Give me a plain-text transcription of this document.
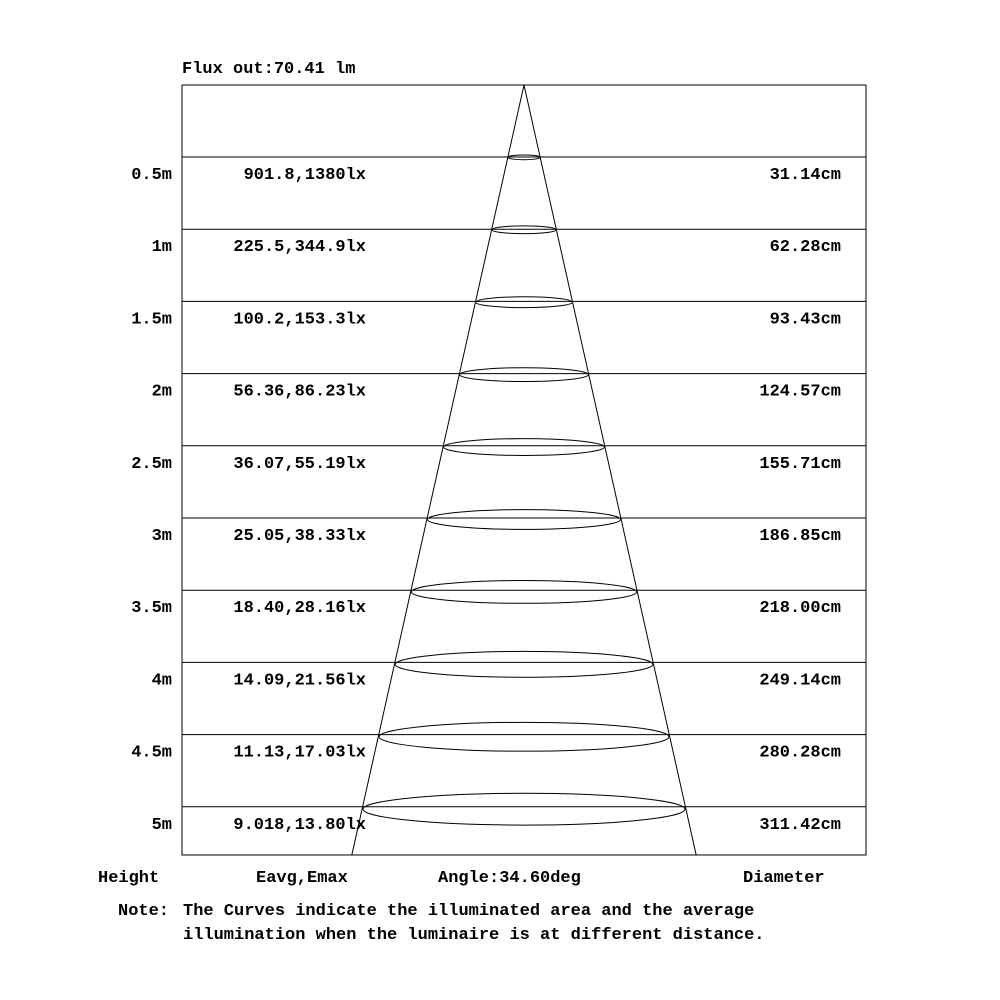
Flux out:70.41 lm
0.5m	901.8,1380lx	31.14cm
1m	225.5,344.9lx	62.28cm
1.5m	100.2,153.3lx	93.43cm
2m	56.36,86.23lx	124.57cm
2.5m	36.07,55.19lx	155.71cm
3m	25.05,38.33lx	186.85cm
3.5m	18.40,28.16lx	218.00cm
4m	14.09,21.56lx	249.14cm
4.5m	11.13,17.03lx	280.28cm
5m	9.018,13.80lx	311.42cm
Height	Eavg,Emax	Angle:34.60deg	Diameter
Note: The Curves indicate the illuminated area and the average
illumination when the luminaire is at different distance.
